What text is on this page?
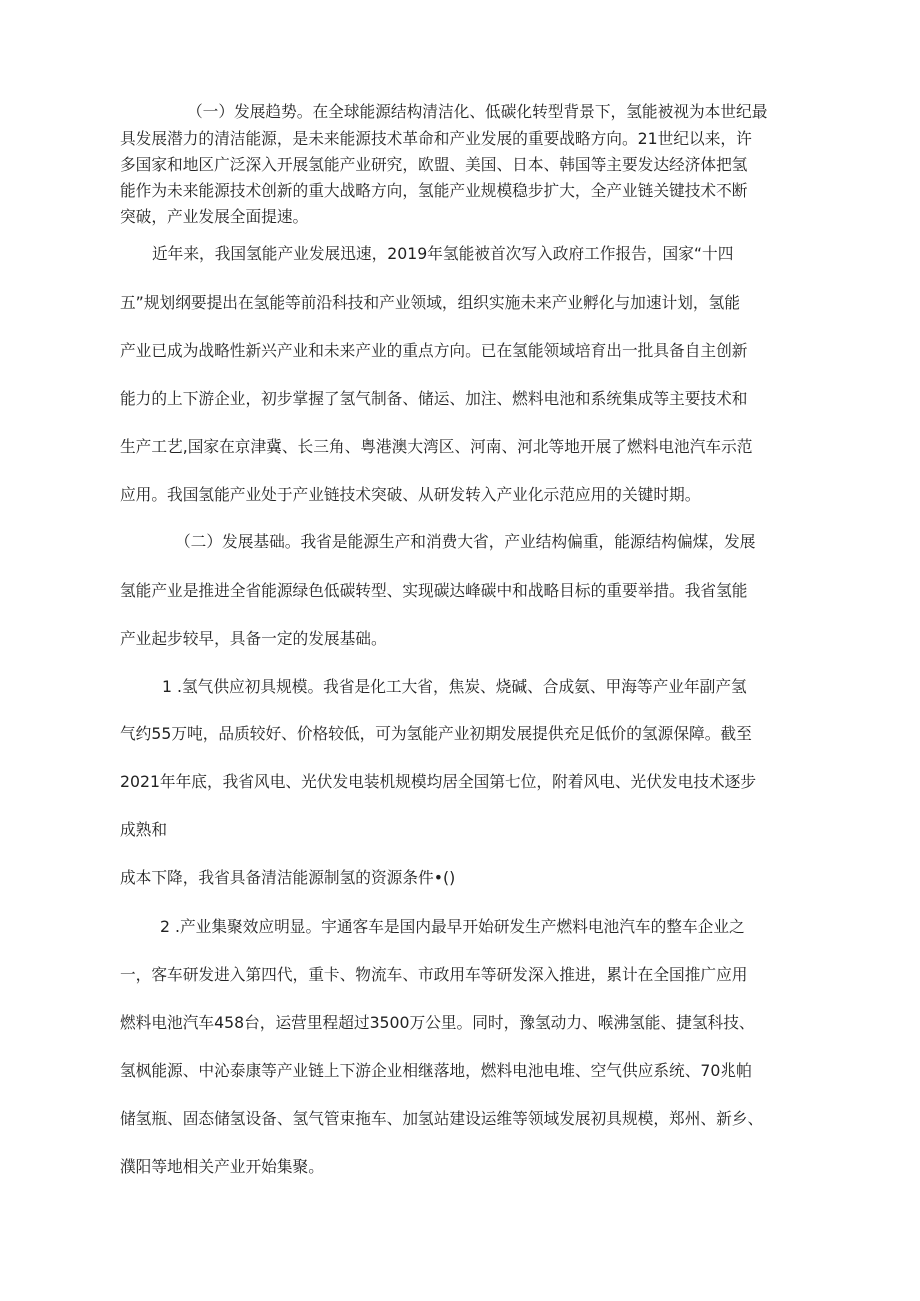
（一）发展趋势。在全球能源结构清洁化、低碳化转型背景下，氢能被视为本世纪最

具发展潜力的清洁能源，是未来能源技术革命和产业发展的重要战略方向。21世纪以来，许

多国家和地区广泛深入开展氢能产业研究，欧盟、美国、日本、韩国等主要发达经济体把氢

能作为未来能源技术创新的重大战略方向，氢能产业规模稳步扩大，全产业链关键技术不断

突破，产业发展全面提速。

近年来，我国氢能产业发展迅速，2019年氢能被首次写入政府工作报告，国家“十四

五”规划纲要提出在氢能等前沿科技和产业领域，组织实施未来产业孵化与加速计划，氢能

产业已成为战略性新兴产业和未来产业的重点方向。已在氢能领域培育出一批具备自主创新

能力的上下游企业，初步掌握了氢气制备、储运、加注、燃料电池和系统集成等主要技术和

生产工艺,国家在京津冀、长三角、粤港澳大湾区、河南、河北等地开展了燃料电池汽车示范

应用。我国氢能产业处于产业链技术突破、从研发转入产业化示范应用的关键时期。

（二）发展基础。我省是能源生产和消费大省，产业结构偏重，能源结构偏煤，发展

氢能产业是推进全省能源绿色低碳转型、实现碳达峰碳中和战略目标的重要举措。我省氢能

产业起步较早，具备一定的发展基础。

1 .氢气供应初具规模。我省是化工大省，焦炭、烧碱、合成氨、甲海等产业年副产氢

气约55万吨，品质较好、价格较低，可为氢能产业初期发展提供充足低价的氢源保障。截至

2021年年底，我省风电、光伏发电装机规模均居全国第七位，附着风电、光伏发电技术逐步

成熟和

成本下降，我省具备清洁能源制氢的资源条件•()

2 .产业集聚效应明显。宇通客车是国内最早开始研发生产燃料电池汽车的整车企业之

一，客车研发进入第四代，重卡、物流车、市政用车等研发深入推进，累计在全国推广应用

燃料电池汽车458台，运营里程超过3500万公里。同时，豫氢动力、喉沸氢能、捷氢科技、

氢枫能源、中沁泰康等产业链上下游企业相继落地，燃料电池电堆、空气供应系统、70兆帕

储氢瓶、固态储氢设备、氢气管束拖车、加氢站建设运维等领域发展初具规模，郑州、新乡、

濮阳等地相关产业开始集聚。
